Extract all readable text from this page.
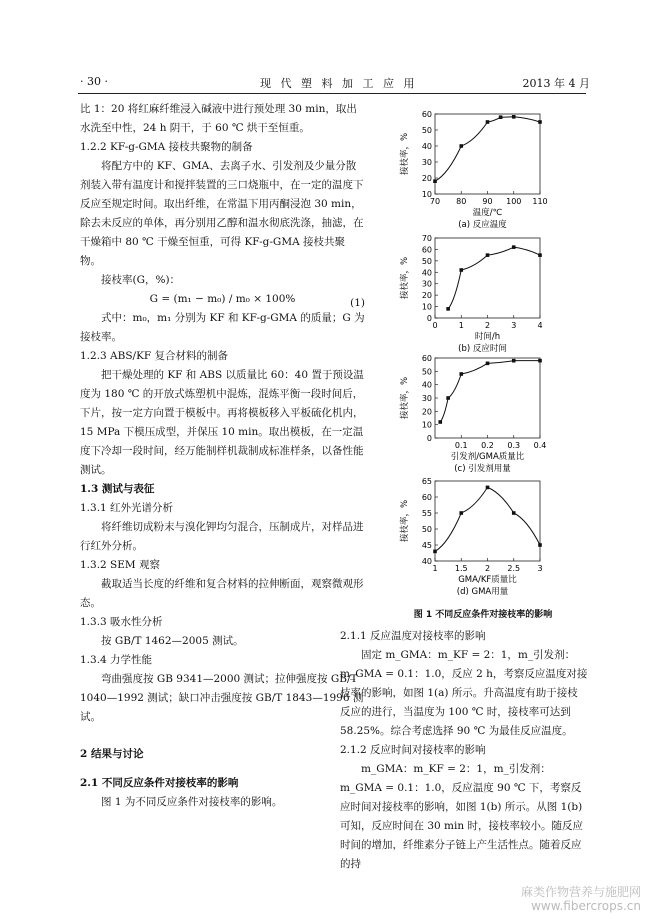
· 30 ·	现 代 塑 料 加 工 应 用	2013 年 4 月

比 1：20 将红麻纤维浸入碱液中进行预处理 30 min，取出水洗至中性，24 h 阴干，于 60 ℃ 烘干至恒重。

1.2.2 KF-g-GMA 接枝共聚物的制备

将配方中的 KF、GMA、去离子水、引发剂及少量分散剂装入带有温度计和搅拌装置的三口烧瓶中，在一定的温度下反应至规定时间。取出纤维，在常温下用丙酮浸泡 30 min，除去未反应的单体，再分别用乙醇和温水彻底洗涤，抽滤，在干燥箱中 80 ℃ 干燥至恒重，可得 KF-g-GMA 接枝共聚物。

接枝率(G，%)：

G = (m₁ − m₀) / m₀ × 100%	(1)

式中：m₀，m₁ 分别为 KF 和 KF-g-GMA 的质量；G 为接枝率。

1.2.3 ABS/KF 复合材料的制备

把干燥处理的 KF 和 ABS 以质量比 60：40 置于预设温度为 180 ℃ 的开放式炼塑机中混炼，混炼平衡一段时间后，下片，按一定方向置于模板中。再将模板移入平板硫化机内，15 MPa 下模压成型，并保压 10 min。取出模板，在一定温度下冷却一段时间，经万能制样机裁制成标准样条，以备性能测试。

1.3 测试与表征

1.3.1 红外光谱分析

将纤维切成粉末与溴化钾均匀混合，压制成片，对样品进行红外分析。

1.3.2 SEM 观察

截取适当长度的纤维和复合材料的拉伸断面，观察微观形态。

1.3.3 吸水性分析

按 GB/T 1462—2005 测试。

1.3.4 力学性能

弯曲强度按 GB 9341—2000 测试；拉伸强度按 GB/T 1040—1992 测试；缺口冲击强度按 GB/T 1843—1996 测试。

2 结果与讨论

2.1 不同反应条件对接枝率的影响

图 1 为不同反应条件对接枝率的影响。

70 80 90 100 110
10
20
30
40
50
60
接枝率，%
温度/℃
(a) 反应温度
0	1	2	3	4
0
10
20
30
40
50
60
70
接枝率，%
时间/h
(b) 反应时间
0.1 0.2 0.3 0.4
0
10
20
30
40
50
60
接枝率，%
引发剂/GMA质量比
(c) 引发剂用量
1 1.5 2 2.5 3
40
45
50
55
60
65
接枝率，%
GMA/KF质量比
(d) GMA用量
图 1 不同反应条件对接枝率的影响

2.1.1 反应温度对接枝率的影响

固定 m_GMA：m_KF = 2：1，m_引发剂：m_GMA = 0.1：1.0，反应 2 h，考察反应温度对接枝率的影响，如图 1(a) 所示。升高温度有助于接枝反应的进行，当温度为 100 ℃ 时，接枝率可达到 58.25%。综合考虑选择 90 ℃ 为最佳反应温度。

2.1.2 反应时间对接枝率的影响

m_GMA：m_KF = 2：1，m_引发剂：m_GMA = 0.1：1.0，反应温度 90 ℃ 下，考察反应时间对接枝率的影响，如图 1(b) 所示。从图 1(b) 可知，反应时间在 30 min 时，接枝率较小。随反应时间的增加，纤维素分子链上产生活性点。随着反应的持

麻类作物营养与施肥网
www.fibercrops.cn
